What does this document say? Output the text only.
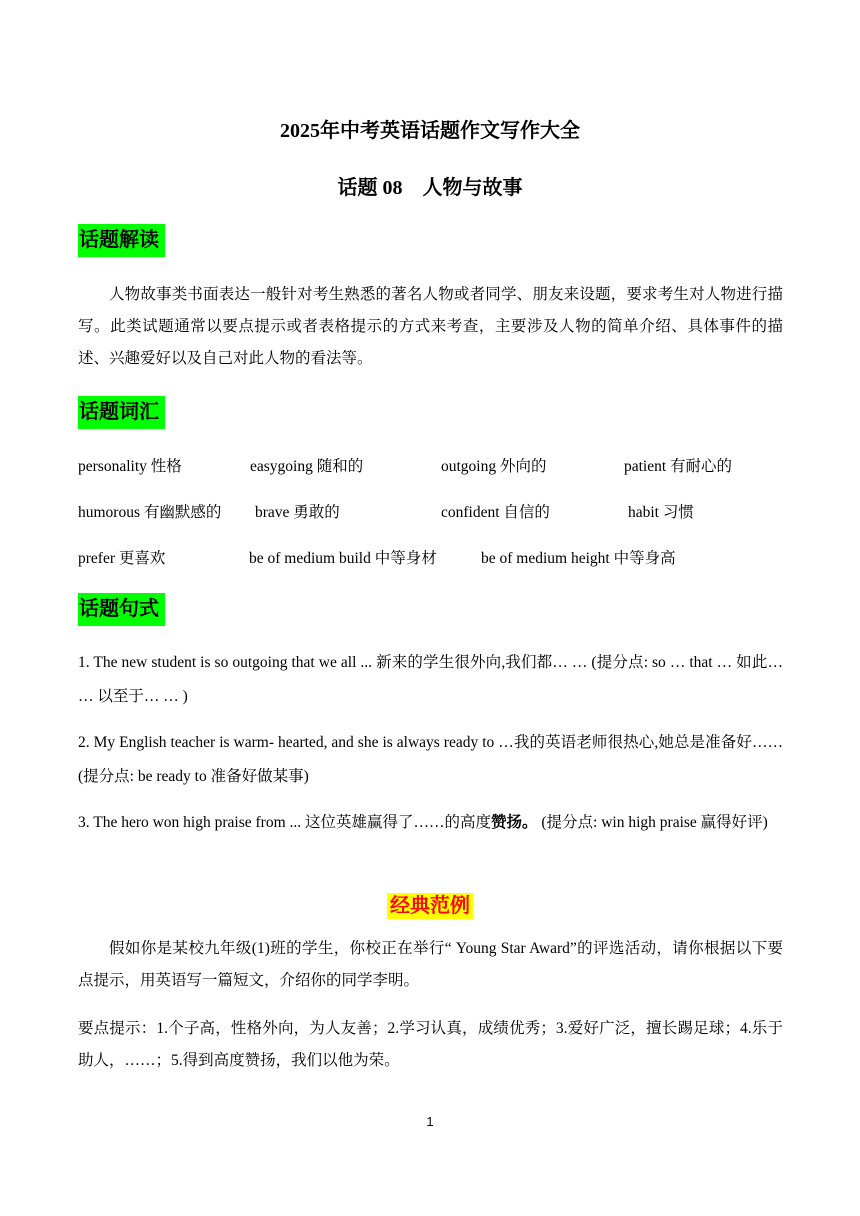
2025年中考英语话题作文写作大全
话题 08    人物与故事
话题解读
人物故事类书面表达一般针对考生熟悉的著名人物或者同学、朋友来设题，要求考生对人物进行描写。此类试题通常以要点提示或者表格提示的方式来考查，主要涉及人物的简单介绍、具体事件的描述、兴趣爱好以及自己对此人物的看法等。
话题词汇
personality 性格	easygoing 随和的	outgoing 外向的	patient 有耐心的
humorous 有幽默感的 brave 勇敢的	confident 自信的	habit 习惯
prefer 更喜欢	be of medium build 中等身材	be of medium height 中等身高
话题句式
1. The new student is so outgoing that we all ... 新来的学生很外向,我们都… … (提分点: so … that … 如此… … 以至于… … )
2. My English teacher is warm- hearted, and she is always ready to …我的英语老师很热心,她总是准备好……(提分点: be ready to 准备好做某事)
3. The hero won high praise from ... 这位英雄赢得了……的高度赞扬。 (提分点: win high praise 赢得好评)
经典范例
假如你是某校九年级(1)班的学生，你校正在举行“ Young Star Award”的评选活动，请你根据以下要点提示，用英语写一篇短文，介绍你的同学李明。
要点提示：1.个子高，性格外向，为人友善；2.学习认真，成绩优秀；3.爱好广泛，擅长踢足球；4.乐于助人，……；5.得到高度赞扬，我们以他为荣。
1
